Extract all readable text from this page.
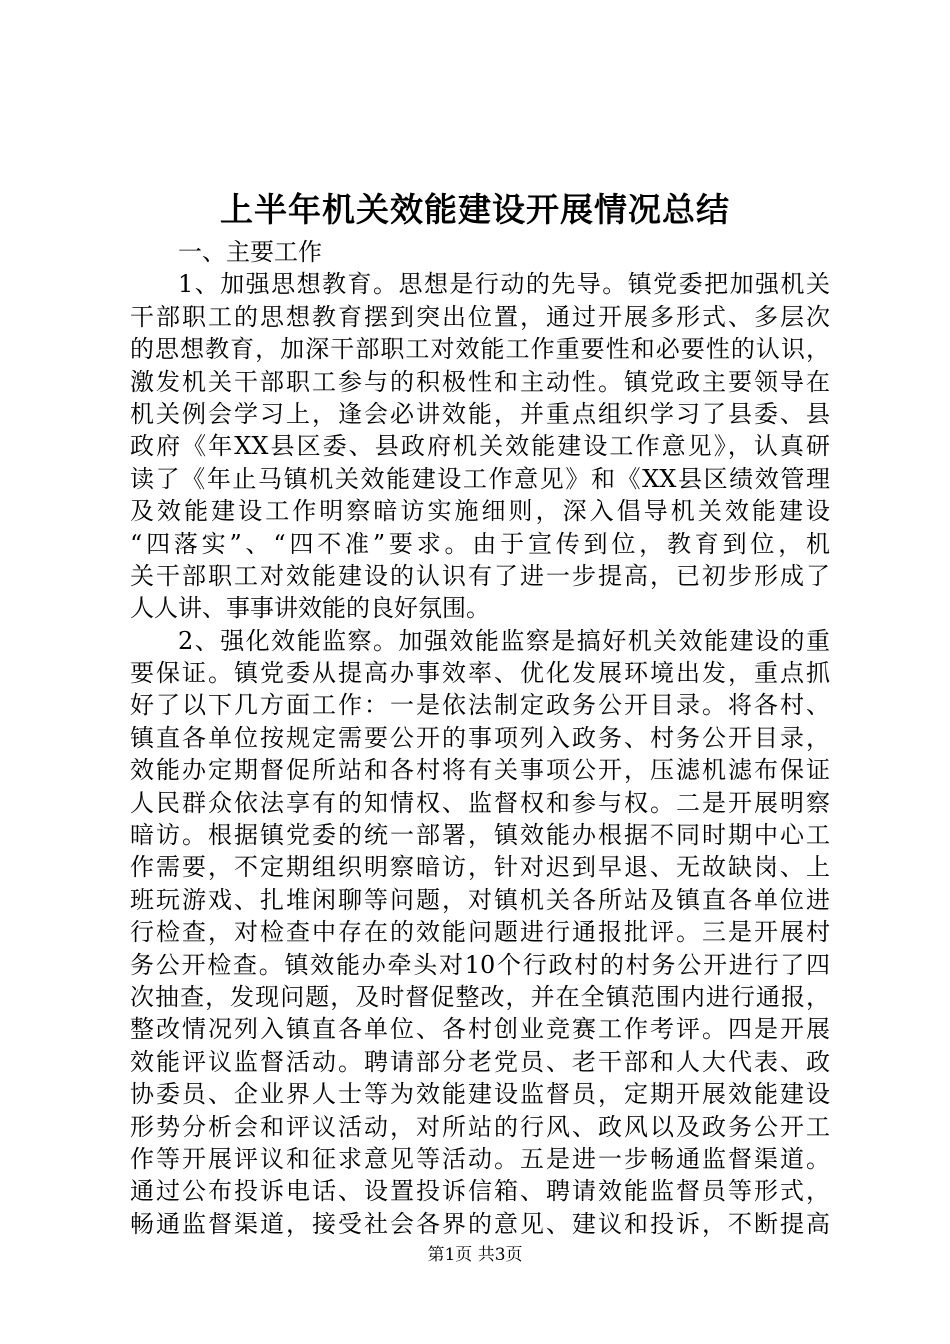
上半年机关效能建设开展情况总结
一、主要工作
1、加强思想教育。思想是行动的先导。镇党委把加强机关
干部职工的思想教育摆到突出位置，通过开展多形式、多层次
的思想教育，加深干部职工对效能工作重要性和必要性的认识，
激发机关干部职工参与的积极性和主动性。镇党政主要领导在
机关例会学习上，逢会必讲效能，并重点组织学习了县委、县
政府《年XX县区委、县政府机关效能建设工作意见》，认真研
读了《年止马镇机关效能建设工作意见》和《XX县区绩效管理
及效能建设工作明察暗访实施细则，深入倡导机关效能建设
“四落实”、“四不准”要求。由于宣传到位，教育到位，机
关干部职工对效能建设的认识有了进一步提高，已初步形成了
人人讲、事事讲效能的良好氛围。
2、强化效能监察。加强效能监察是搞好机关效能建设的重
要保证。镇党委从提高办事效率、优化发展环境出发，重点抓
好了以下几方面工作：一是依法制定政务公开目录。将各村、
镇直各单位按规定需要公开的事项列入政务、村务公开目录，
效能办定期督促所站和各村将有关事项公开，压滤机滤布保证
人民群众依法享有的知情权、监督权和参与权。二是开展明察
暗访。根据镇党委的统一部署，镇效能办根据不同时期中心工
作需要，不定期组织明察暗访，针对迟到早退、无故缺岗、上
班玩游戏、扎堆闲聊等问题，对镇机关各所站及镇直各单位进
行检查，对检查中存在的效能问题进行通报批评。三是开展村
务公开检查。镇效能办牵头对10个行政村的村务公开进行了四
次抽查，发现问题，及时督促整改，并在全镇范围内进行通报，
整改情况列入镇直各单位、各村创业竞赛工作考评。四是开展
效能评议监督活动。聘请部分老党员、老干部和人大代表、政
协委员、企业界人士等为效能建设监督员，定期开展效能建设
形势分析会和评议活动，对所站的行风、政风以及政务公开工
作等开展评议和征求意见等活动。五是进一步畅通监督渠道。
通过公布投诉电话、设置投诉信箱、聘请效能监督员等形式，
畅通监督渠道，接受社会各界的意见、建议和投诉，不断提高
第1页 共3页
